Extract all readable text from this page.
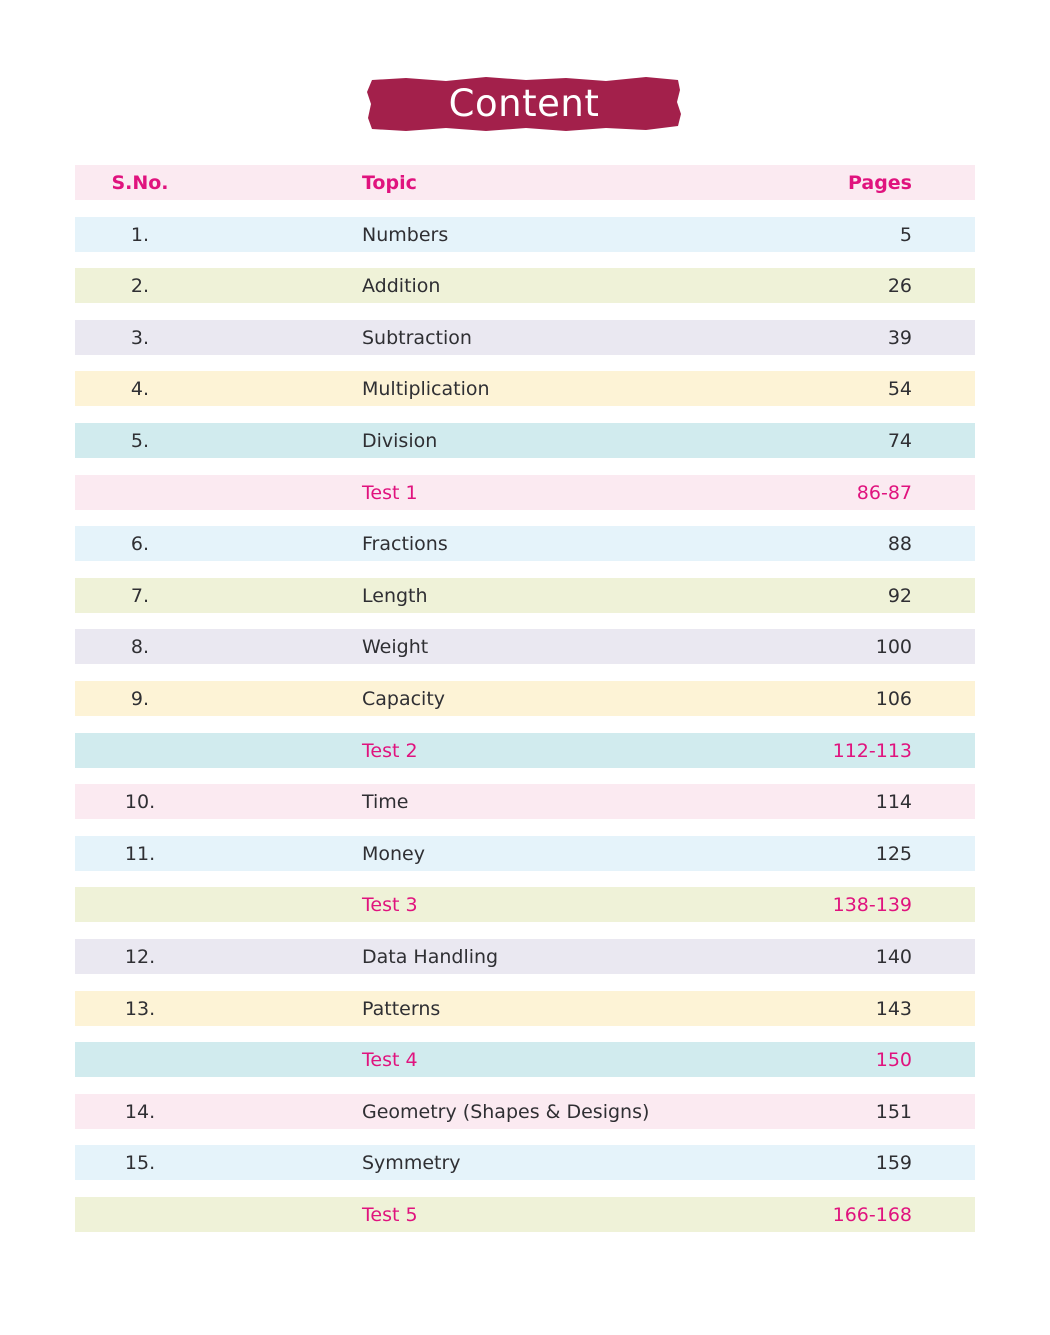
Content
S.No.	Topic	Pages
1.	Numbers	5
2.	Addition	26
3.	Subtraction	39
4.	Multiplication	54
5.	Division	74
Test 1	86-87
6.	Fractions	88
7.	Length	92
8.	Weight	100
9.	Capacity	106
Test 2	112-113
10.	Time	114
11.	Money	125
Test 3	138-139
12.	Data Handling	140
13.	Patterns	143
Test 4	150
14.	Geometry (Shapes & Designs)	151
15.	Symmetry	159
Test 5	166-168
